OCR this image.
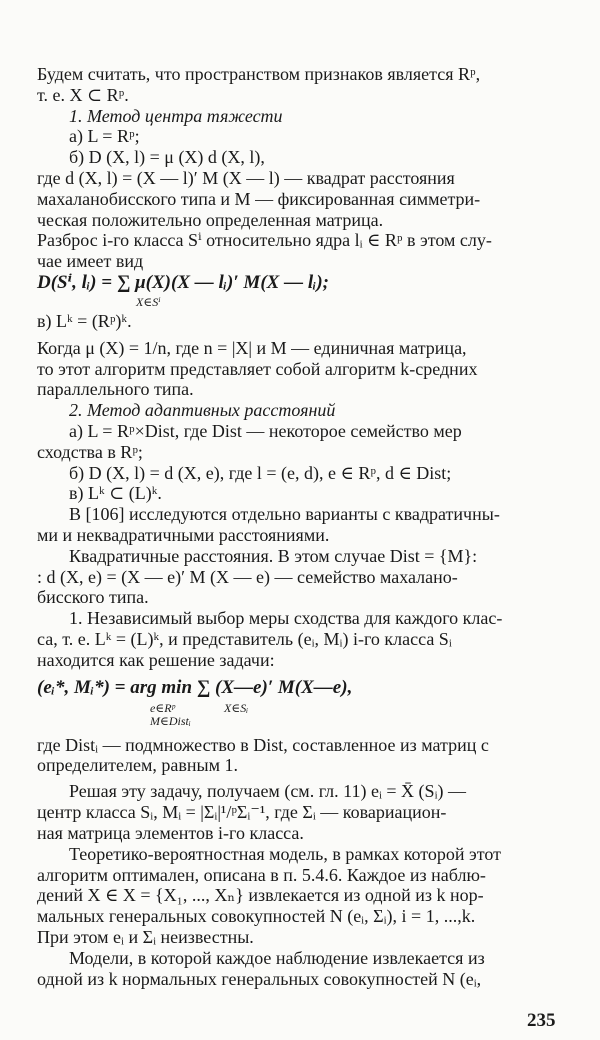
Будем считать, что пространством признаков является Rᵖ,
т. е. X ⊂ Rᵖ.
1. Метод центра тяжести
а) L = Rᵖ;
б) D (X, l) = μ (X) d (X, l),
где d (X, l) = (X — l)′ M (X — l) — квадрат расстояния
махаланобисского типа и M — фиксированная симметри-
ческая положительно определенная матрица.
Разброс i-го класса Sⁱ относительно ядра lᵢ ∈ Rᵖ в этом слу-
чае имеет вид
D(Sⁱ, lᵢ) = ∑ μ(X)(X — lᵢ)′ M(X — lᵢ);
X∈Sⁱ
в) Lᵏ = (Rᵖ)ᵏ.
Когда μ (X) = 1/n, где n = |X| и M — единичная матрица,
то этот алгоритм представляет собой алгоритм k-средних
параллельного типа.
2. Метод адаптивных расстояний
а) L = Rᵖ×Dist, где Dist — некоторое семейство мер
сходства в Rᵖ;
б) D (X, l) = d (X, e), где l = (e, d), e ∈ Rᵖ, d ∈ Dist;
в) Lᵏ ⊂ (L)ᵏ.
В [106] исследуются отдельно варианты с квадратичны-
ми и неквадратичными расстояниями.
Квадратичные расстояния. В этом случае Dist = {M}:
: d (X, e) = (X — e)′ M (X — e) — семейство махалано-
бисского типа.
1. Независимый выбор меры сходства для каждого клас-
са, т. е. Lᵏ = (L)ᵏ, и представитель (eᵢ, Mᵢ) i-го класса Sᵢ
находится как решение задачи:
(eᵢ*, Mᵢ*) = arg min ∑ (X—e)′ M(X—e),
e∈Rᵖ
M∈Distᵢ
X∈Sᵢ
где Distᵢ — подмножество в Dist, составленное из матриц с
определителем, равным 1.
Решая эту задачу, получаем (см. гл. 11) eᵢ = X̄ (Sᵢ) —
центр класса Sᵢ, Mᵢ = |Σᵢ|¹/ᵖΣᵢ⁻¹, где Σᵢ — ковариацион-
ная матрица элементов i-го класса.
Теоретико-вероятностная модель, в рамках которой этот
алгоритм оптимален, описана в п. 5.4.6. Каждое из наблю-
дений X ∈ X = {X₁, ..., Xₙ} извлекается из одной из k нор-
мальных генеральных совокупностей N (eᵢ, Σᵢ), i = 1, ...,k.
При этом eᵢ и Σᵢ неизвестны.
Модели, в которой каждое наблюдение извлекается из
одной из k нормальных генеральных совокупностей N (eᵢ,
235
